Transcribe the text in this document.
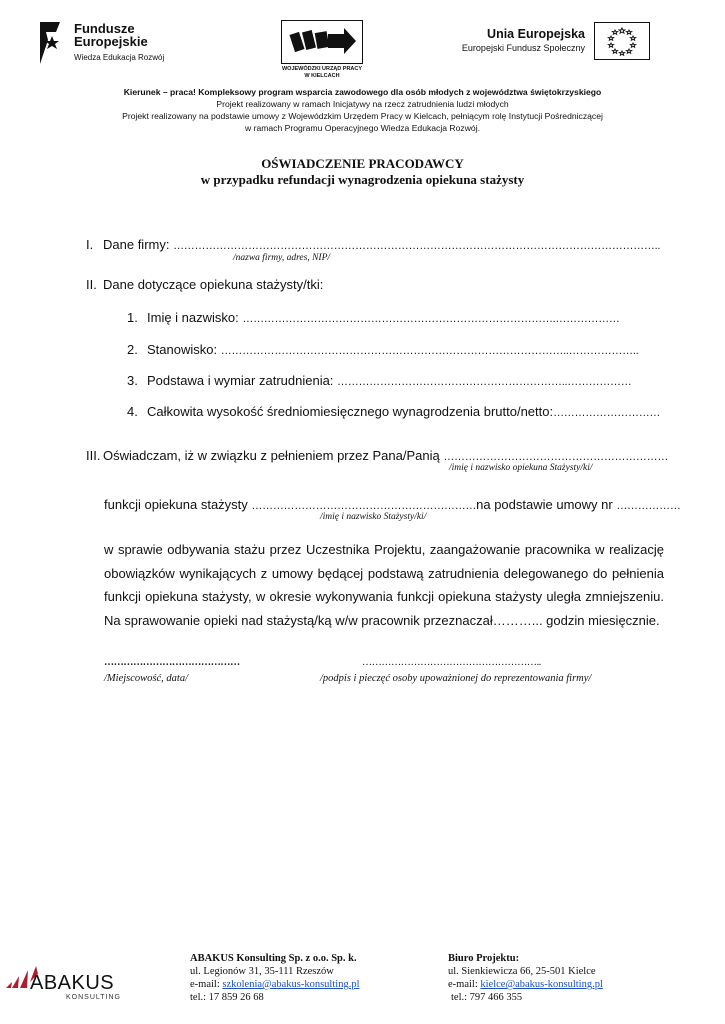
Fundusze
Europejskie
Wiedza Edukacja Rozwój
WOJEWÓDZKI URZĄD PRACY
W KIELCACH
Unia Europejska
Europejski Fundusz Społeczny
Kierunek – praca! Kompleksowy program wsparcia zawodowego dla osób młodych z województwa świętokrzyskiego
Projekt realizowany w ramach Inicjatywy na rzecz zatrudnienia ludzi młodych
Projekt realizowany na podstawie umowy z Wojewódzkim Urzędem Pracy w Kielcach, pełniącym rolę Instytucji Pośredniczącej
w ramach Programu Operacyjnego Wiedza Edukacja Rozwój.
OŚWIADCZENIE PRACODAWCY
w przypadku refundacji wynagrodzenia opiekuna stażysty
I. Dane firmy: ………………………………………………………………………………………………………………………..
/nazwa firmy, adres, NIP/
II. Dane dotyczące opiekuna stażysty/tki:
1. Imię i nazwisko: …………………………………………………………………………….………………
2. Stanowisko: ……………………………………………………………………………………..………………..
3. Podstawa i wymiar zatrudnienia: ………………………………………………………..………………
4. Całkowita wysokość średniomiesięcznego wynagrodzenia brutto/netto:…………………………
III. Oświadczam, iż w związku z pełnieniem przez Pana/Panią ………………………………………………………
/imię i nazwisko opiekuna Stażysty/ki/
funkcji opiekuna stażysty ………………………………………………………na podstawie umowy nr ………………
/imię i nazwisko Stażysty/ki/
w sprawie odbywania stażu przez Uczestnika Projektu, zaangażowanie pracownika w realizację
obowiązków wynikających z umowy będącej podstawą zatrudnienia delegowanego do pełnienia
funkcji opiekuna stażysty, w okresie wykonywania funkcji opiekuna stażysty uległa zmniejszeniu.
Na sprawowanie opieki nad stażystą/ką w/w pracownik przeznaczał………... godzin miesięcznie.
……………………………………
/Miejscowość, data/
………………………………………………..
/podpis i pieczęć osoby upoważnionej do reprezentowania firmy/
ABAKUS
KONSULTING
ABAKUS Konsulting Sp. z o.o. Sp. k.
ul. Legionów 31, 35-111 Rzeszów
e-mail: szkolenia@abakus-konsulting.pl
tel.: 17 859 26 68
Biuro Projektu:
ul. Sienkiewicza 66, 25-501 Kielce
e-mail: kielce@abakus-konsulting.pl
tel.: 797 466 355
